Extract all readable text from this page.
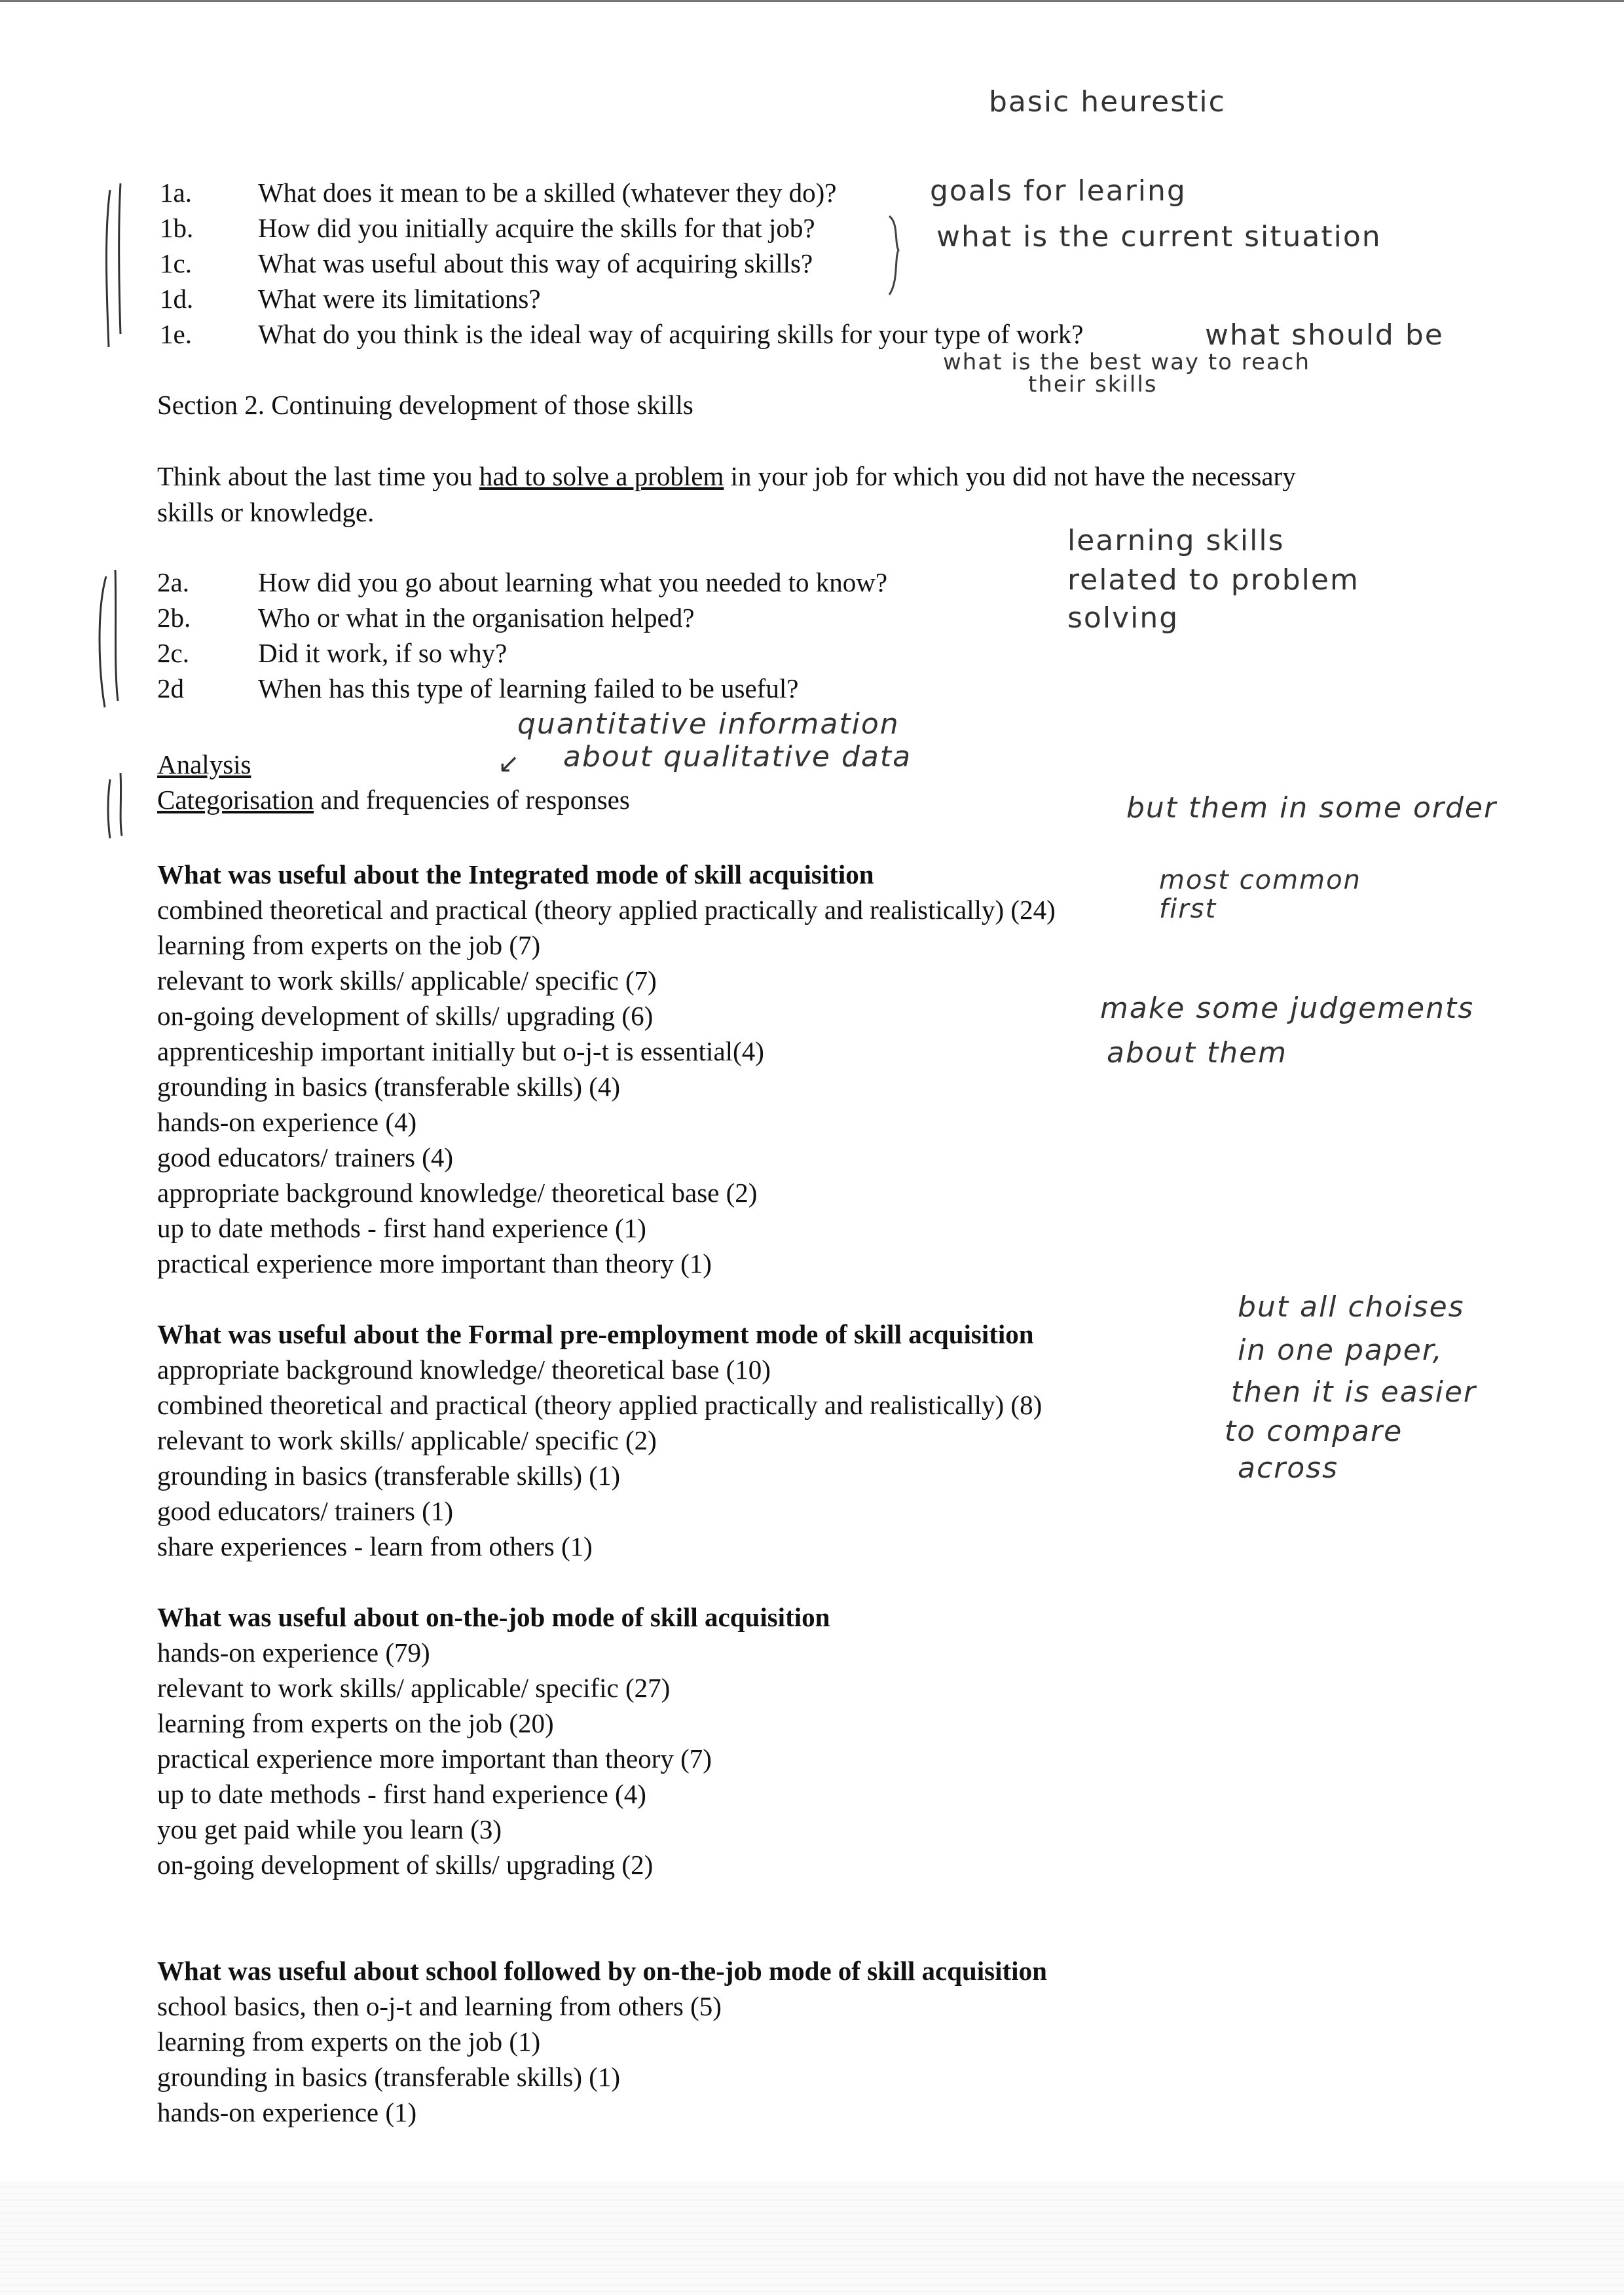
basic heurestic
1a. What does it mean to be a skilled (whatever they do)?
1b. How did you initially acquire the skills for that job?
1c. What was useful about this way of acquiring skills?
1d. What were its limitations?
1e. What do you think is the ideal way of acquiring skills for your type of work?
goals for learing
what is the current situation
what should be
what is the best way to reach
their skills
Section 2. Continuing development of those skills
Think about the last time you had to solve a problem in your job for which you did not have the necessary
skills or knowledge.
2a.	How did you go about learning what you needed to know?
2b.	Who or what in the organisation helped?
2c.	Did it work, if so why?
2d	When has this type of learning failed to be useful?
learning skills
related to problem
solving
quantitative information
↙ about qualitative data
Analysis
Categorisation and frequencies of responses	but them in some order
What was useful about the Integrated mode of skill acquisition
combined theoretical and practical (theory applied practically and realistically) (24)
learning from experts on the job (7)
relevant to work skills/ applicable/ specific (7)
on-going development of skills/ upgrading (6)
apprenticeship important initially but o-j-t is essential(4)
grounding in basics (transferable skills) (4)
hands-on experience (4)
good educators/ trainers (4)
appropriate background knowledge/ theoretical base (2)
up to date methods - first hand experience (1)
practical experience more important than theory (1)
most common
first
make some judgements
about them
What was useful about the Formal pre-employment mode of skill acquisition
appropriate background knowledge/ theoretical base (10)
combined theoretical and practical (theory applied practically and realistically) (8)
relevant to work skills/ applicable/ specific (2)
grounding in basics (transferable skills) (1)
good educators/ trainers (1)
share experiences - learn from others (1)
but all choises
in one paper,
then it is easier
to compare
across
What was useful about on-the-job mode of skill acquisition
hands-on experience (79)
relevant to work skills/ applicable/ specific (27)
learning from experts on the job (20)
practical experience more important than theory (7)
up to date methods - first hand experience (4)
you get paid while you learn (3)
on-going development of skills/ upgrading (2)
What was useful about school followed by on-the-job mode of skill acquisition
school basics, then o-j-t and learning from others (5)
learning from experts on the job (1)
grounding in basics (transferable skills) (1)
hands-on experience (1)
